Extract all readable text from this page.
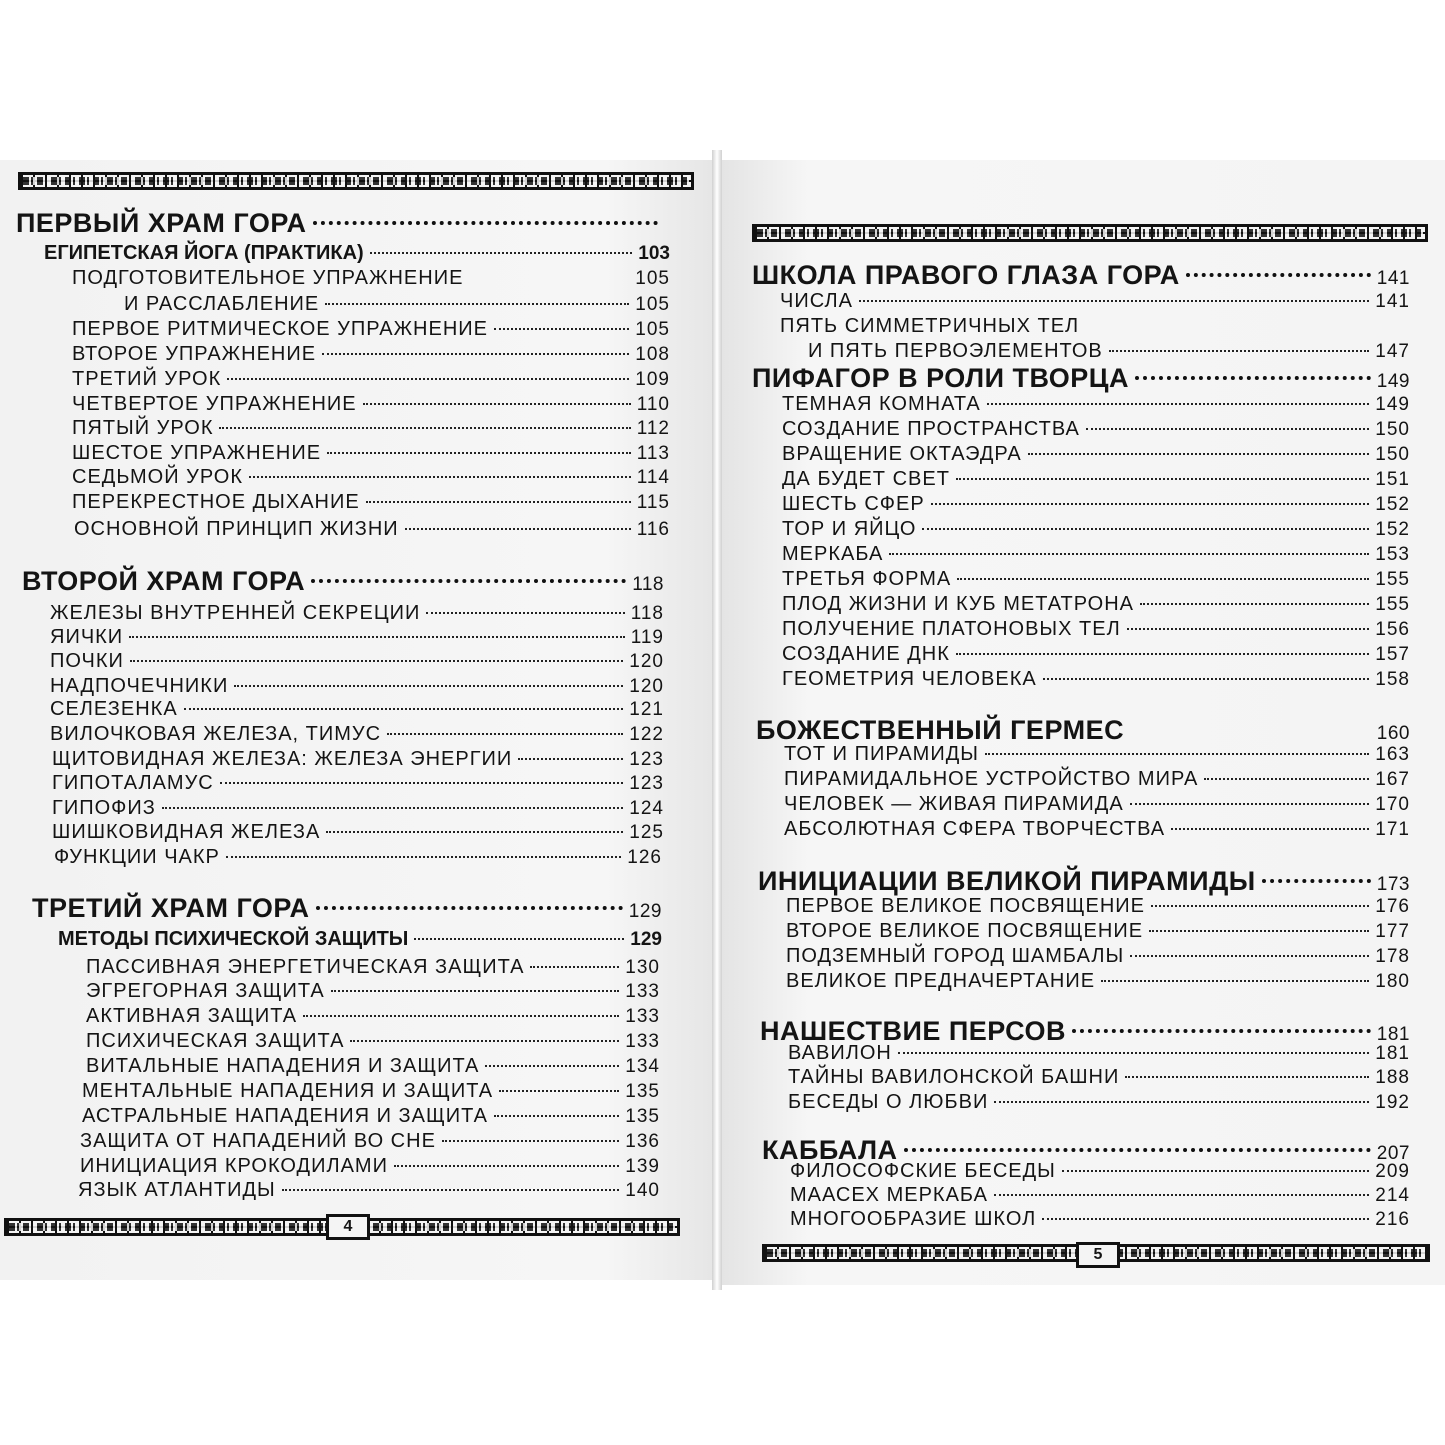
ПЕРВЫЙ ХРАМ ГОРА
ЕГИПЕТСКАЯ ЙОГА (ПРАКТИКА)	103
ПОДГОТОВИТЕЛЬНОЕ УПРАЖНЕНИЕ	105
И РАССЛАБЛЕНИЕ	105
ПЕРВОЕ РИТМИЧЕСКОЕ УПРАЖНЕНИЕ	105
ВТОРОЕ УПРАЖНЕНИЕ	108
ТРЕТИЙ УРОК	109
ЧЕТВЕРТОЕ УПРАЖНЕНИЕ	110
ПЯТЫЙ УРОК	112
ШЕСТОЕ УПРАЖНЕНИЕ	113
СЕДЬМОЙ УРОК	114
ПЕРЕКРЕСТНОЕ ДЫХАНИЕ	115
ОСНОВНОЙ ПРИНЦИП ЖИЗНИ	116
ВТОРОЙ ХРАМ ГОРА	118
ЖЕЛЕЗЫ ВНУТРЕННЕЙ СЕКРЕЦИИ	118
ЯИЧКИ	119
ПОЧКИ	120
НАДПОЧЕЧНИКИ	120
СЕЛЕЗЕНКА	121
ВИЛОЧКОВАЯ ЖЕЛЕЗА, ТИМУС	122
ЩИТОВИДНАЯ ЖЕЛЕЗА: ЖЕЛЕЗА ЭНЕРГИИ	123
ГИПОТАЛАМУС	123
ГИПОФИЗ	124
ШИШКОВИДНАЯ ЖЕЛЕЗА	125
ФУНКЦИИ ЧАКР	126
ТРЕТИЙ ХРАМ ГОРА	129
МЕТОДЫ ПСИХИЧЕСКОЙ ЗАЩИТЫ	129
ПАССИВНАЯ ЭНЕРГЕТИЧЕСКАЯ ЗАЩИТА	130
ЭГРЕГОРНАЯ ЗАЩИТА	133
АКТИВНАЯ ЗАЩИТА	133
ПСИХИЧЕСКАЯ ЗАЩИТА	133
ВИТАЛЬНЫЕ НАПАДЕНИЯ И ЗАЩИТА	134
МЕНТАЛЬНЫЕ НАПАДЕНИЯ И ЗАЩИТА	135
АСТРАЛЬНЫЕ НАПАДЕНИЯ И ЗАЩИТА	135
ЗАЩИТА ОТ НАПАДЕНИЙ ВО СНЕ	136
ИНИЦИАЦИЯ КРОКОДИЛАМИ	139
ЯЗЫК АТЛАНТИДЫ	140
4
ШКОЛА ПРАВОГО ГЛАЗА ГОРА	141
ЧИСЛА	141
ПЯТЬ СИММЕТРИЧНЫХ ТЕЛ
И ПЯТЬ ПЕРВОЭЛЕМЕНТОВ	147
ПИФАГОР В РОЛИ ТВОРЦА	149
ТЕМНАЯ КОМНАТА	149
СОЗДАНИЕ ПРОСТРАНСТВА	150
ВРАЩЕНИЕ ОКТАЭДРА	150
ДА БУДЕТ СВЕТ	151
ШЕСТЬ СФЕР	152
ТОР И ЯЙЦО	152
МЕРКАБА	153
ТРЕТЬЯ ФОРМА	155
ПЛОД ЖИЗНИ И КУБ МЕТАТРОНА	155
ПОЛУЧЕНИЕ ПЛАТОНОВЫХ ТЕЛ	156
СОЗДАНИЕ ДНК	157
ГЕОМЕТРИЯ ЧЕЛОВЕКА	158
БОЖЕСТВЕННЫЙ ГЕРМЕС	160
ТОТ И ПИРАМИДЫ	163
ПИРАМИДАЛЬНОЕ УСТРОЙСТВО МИРА	167
ЧЕЛОВЕК — ЖИВАЯ ПИРАМИДА	170
АБСОЛЮТНАЯ СФЕРА ТВОРЧЕСТВА	171
ИНИЦИАЦИИ ВЕЛИКОЙ ПИРАМИДЫ	173
ПЕРВОЕ ВЕЛИКОЕ ПОСВЯЩЕНИЕ	176
ВТОРОЕ ВЕЛИКОЕ ПОСВЯЩЕНИЕ	177
ПОДЗЕМНЫЙ ГОРОД ШАМБАЛЫ	178
ВЕЛИКОЕ ПРЕДНАЧЕРТАНИЕ	180
НАШЕСТВИЕ ПЕРСОВ	181
ВАВИЛОН	181
ТАЙНЫ ВАВИЛОНСКОЙ БАШНИ	188
БЕСЕДЫ О ЛЮБВИ	192
КАББАЛА	207
ФИЛОСОФСКИЕ БЕСЕДЫ	209
МААСЕХ МЕРКАБА	214
МНОГООБРАЗИЕ ШКОЛ	216
5
